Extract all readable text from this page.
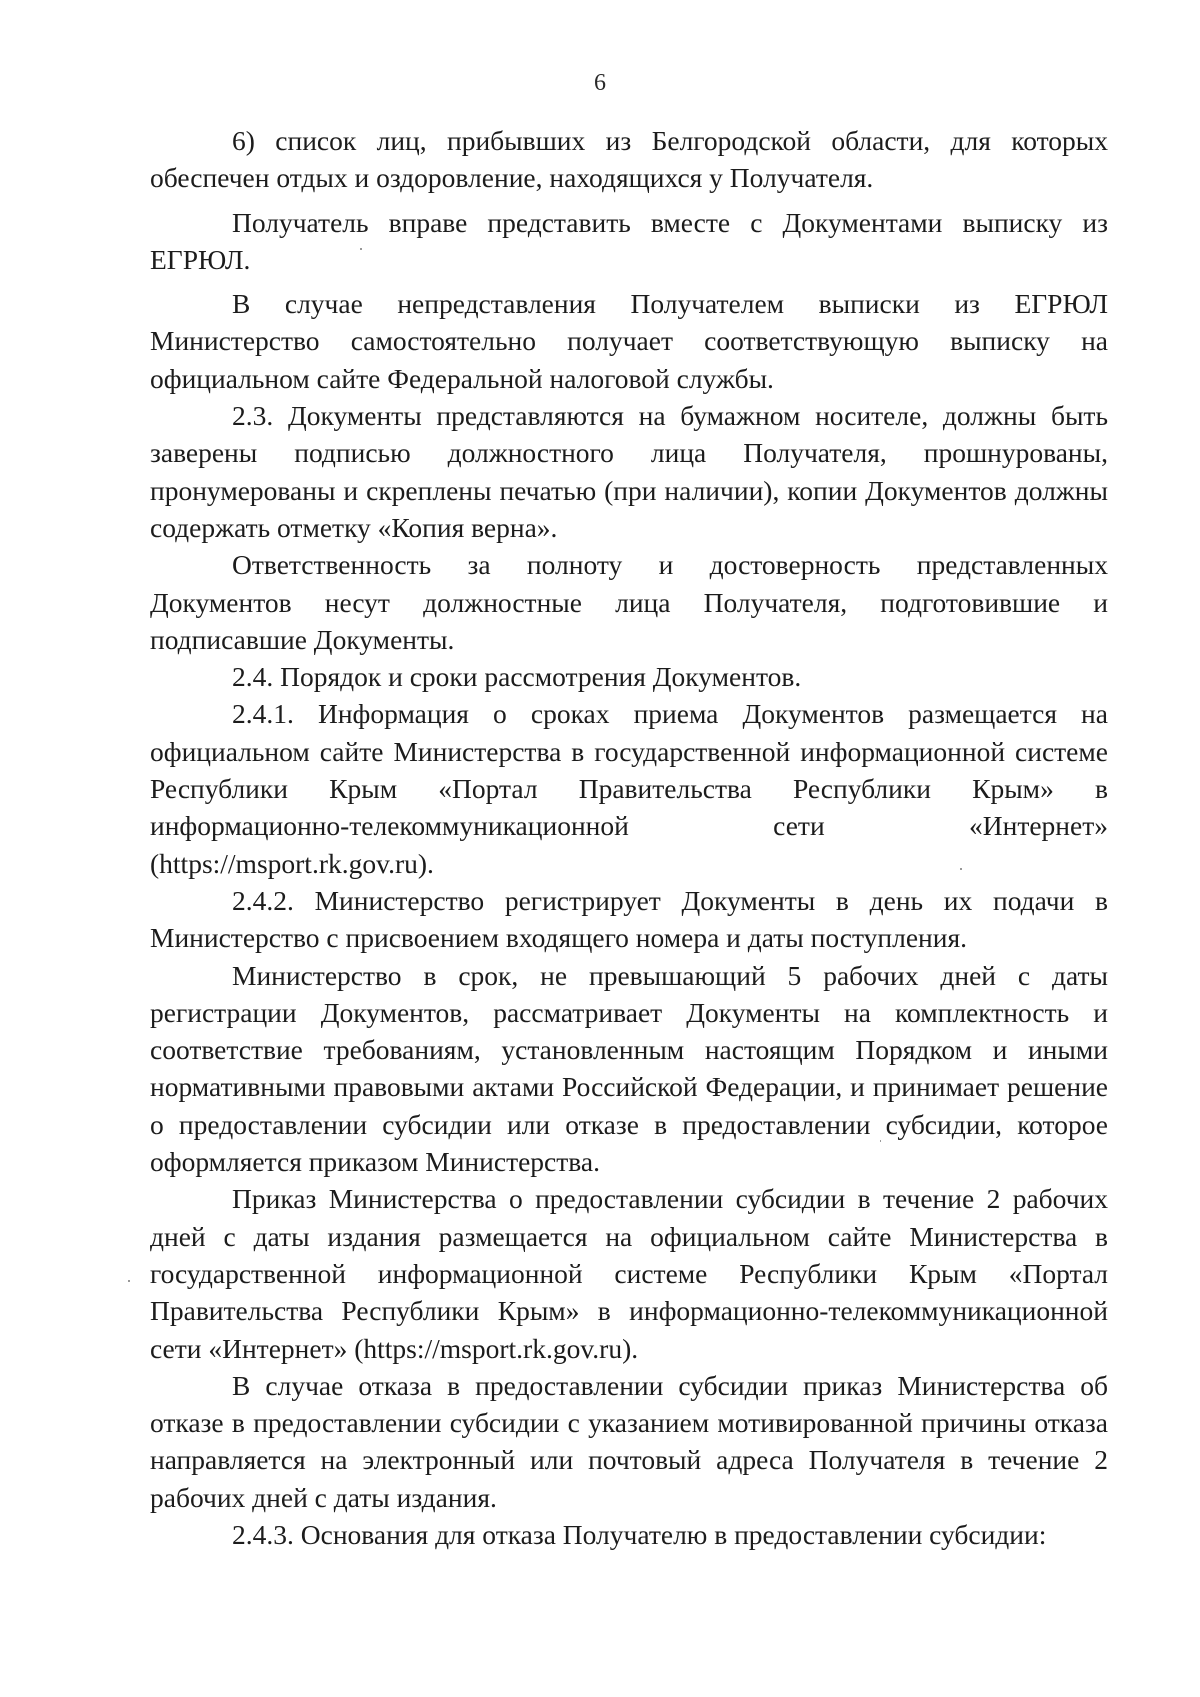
6

6) список лиц, прибывших из Белгородской области, для которых обеспечен отдых и оздоровление, находящихся у Получателя.

Получатель вправе представить вместе с Документами выписку из ЕГРЮЛ.

В случае непредставления Получателем выписки из ЕГРЮЛ Министерство самостоятельно получает соответствующую выписку на официальном сайте Федеральной налоговой службы.

2.3. Документы представляются на бумажном носителе, должны быть заверены подписью должностного лица Получателя, прошнурованы, пронумерованы и скреплены печатью (при наличии), копии Документов должны содержать отметку «Копия верна».

Ответственность за полноту и достоверность представленных Документов несут должностные лица Получателя, подготовившие и подписавшие Документы.

2.4. Порядок и сроки рассмотрения Документов.

2.4.1. Информация о сроках приема Документов размещается на официальном сайте Министерства в государственной информационной системе Республики Крым «Портал Правительства Республики Крым» в информационно-телекоммуникационной сети «Интернет» (https://msport.rk.gov.ru).

2.4.2. Министерство регистрирует Документы в день их подачи в Министерство с присвоением входящего номера и даты поступления.

Министерство в срок, не превышающий 5 рабочих дней с даты регистрации Документов, рассматривает Документы на комплектность и соответствие требованиям, установленным настоящим Порядком и иными нормативными правовыми актами Российской Федерации, и принимает решение о предоставлении субсидии или отказе в предоставлении субсидии, которое оформляется приказом Министерства.

Приказ Министерства о предоставлении субсидии в течение 2 рабочих дней с даты издания размещается на официальном сайте Министерства в государственной информационной системе Республики Крым «Портал Правительства Республики Крым» в информационно-телекоммуникационной сети «Интернет» (https://msport.rk.gov.ru).

В случае отказа в предоставлении субсидии приказ Министерства об отказе в предоставлении субсидии с указанием мотивированной причины отказа направляется на электронный или почтовый адреса Получателя в течение 2 рабочих дней с даты издания.

2.4.3. Основания для отказа Получателю в предоставлении субсидии:
